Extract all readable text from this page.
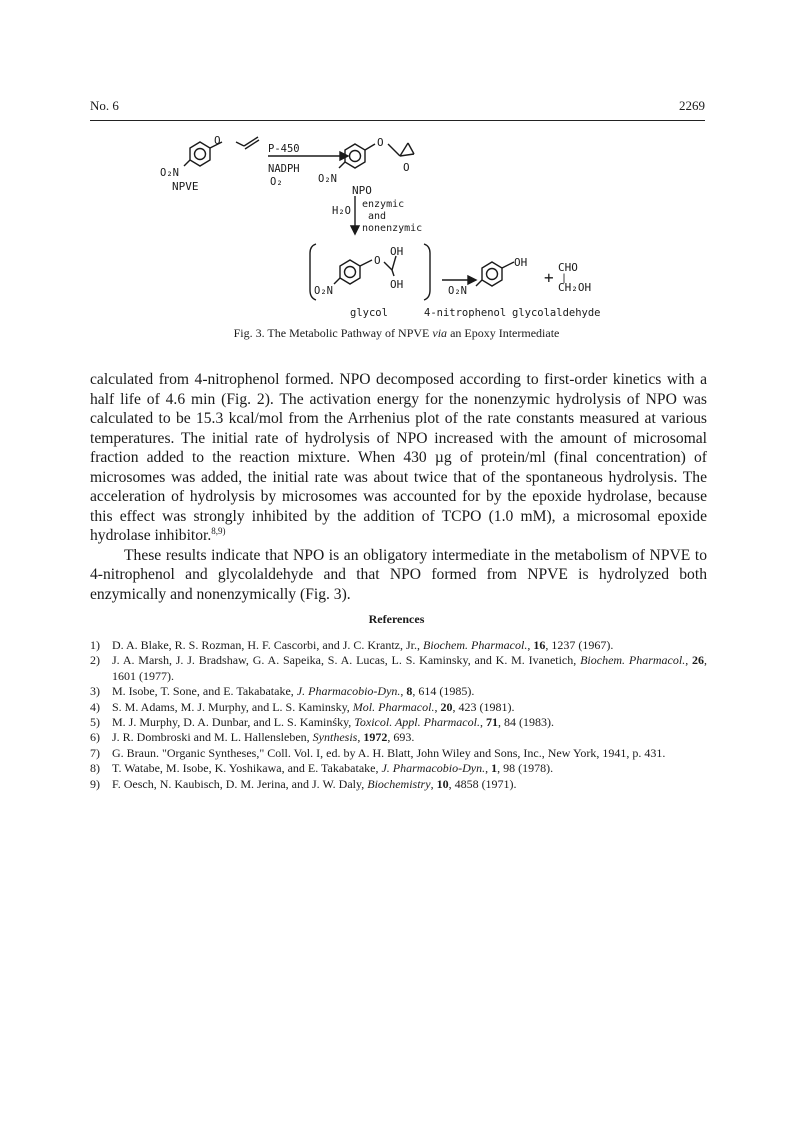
No. 6	2269
O
O₂N
NPVE
P-450
NADPH
O₂	O₂N
O
O
NPO
H₂O
enzymic
and
nonenzymic
OH
O
OH
O₂N
glycol
O₂N
OH
4-nitrophenol
+
CHO
|
CH₂OH
glycolaldehyde
Fig. 3. The Metabolic Pathway of NPVE via an Epoxy Intermediate

calculated from 4-nitrophenol formed. NPO decomposed according to first-order kinetics with a half life of 4.6 min (Fig. 2). The activation energy for the nonenzymic hydrolysis of NPO was calculated to be 15.3 kcal/mol from the Arrhenius plot of the rate constants measured at various temperatures. The initial rate of hydrolysis of NPO increased with the amount of microsomal fraction added to the reaction mixture. When 430 µg of protein/ml (final concentration) of microsomes was added, the initial rate was about twice that of the spontaneous hydrolysis. The acceleration of hydrolysis by microsomes was accounted for by the epoxide hydrolase, because this effect was strongly inhibited by the addition of TCPO (1.0 mM), a microsomal epoxide hydrolase inhibitor.$^{8,9)}$

These results indicate that NPO is an obligatory intermediate in the metabolism of NPVE to 4-nitrophenol and glycolaldehyde and that NPO formed from NPVE is hydrolyzed both enzymically and nonenzymically (Fig. 3).

References
1)	D. A. Blake, R. S. Rozman, H. F. Cascorbi, and J. C. Krantz, Jr., Biochem. Pharmacol., 16, 1237 (1967).
2)	J. A. Marsh, J. J. Bradshaw, G. A. Sapeika, S. A. Lucas, L. S. Kaminsky, and K. M. Ivanetich, Biochem. Pharmacol., 26, 1601 (1977).
3)	M. Isobe, T. Sone, and E. Takabatake, J. Pharmacobio-Dyn., 8, 614 (1985).
4)	S. M. Adams, M. J. Murphy, and L. S. Kaminsky, Mol. Pharmacol., 20, 423 (1981).
5)	M. J. Murphy, D. A. Dunbar, and L. S. Kaminśky, Toxicol. Appl. Pharmacol., 71, 84 (1983).
6)	J. R. Dombroski and M. L. Hallensleben, Synthesis, 1972, 693.
7)	G. Braun. "Organic Syntheses," Coll. Vol. I, ed. by A. H. Blatt, John Wiley and Sons, Inc., New York, 1941, p. 431.
8)	T. Watabe, M. Isobe, K. Yoshikawa, and E. Takabatake, J. Pharmacobio-Dyn., 1, 98 (1978).
9)	F. Oesch, N. Kaubisch, D. M. Jerina, and J. W. Daly, Biochemistry, 10, 4858 (1971).
